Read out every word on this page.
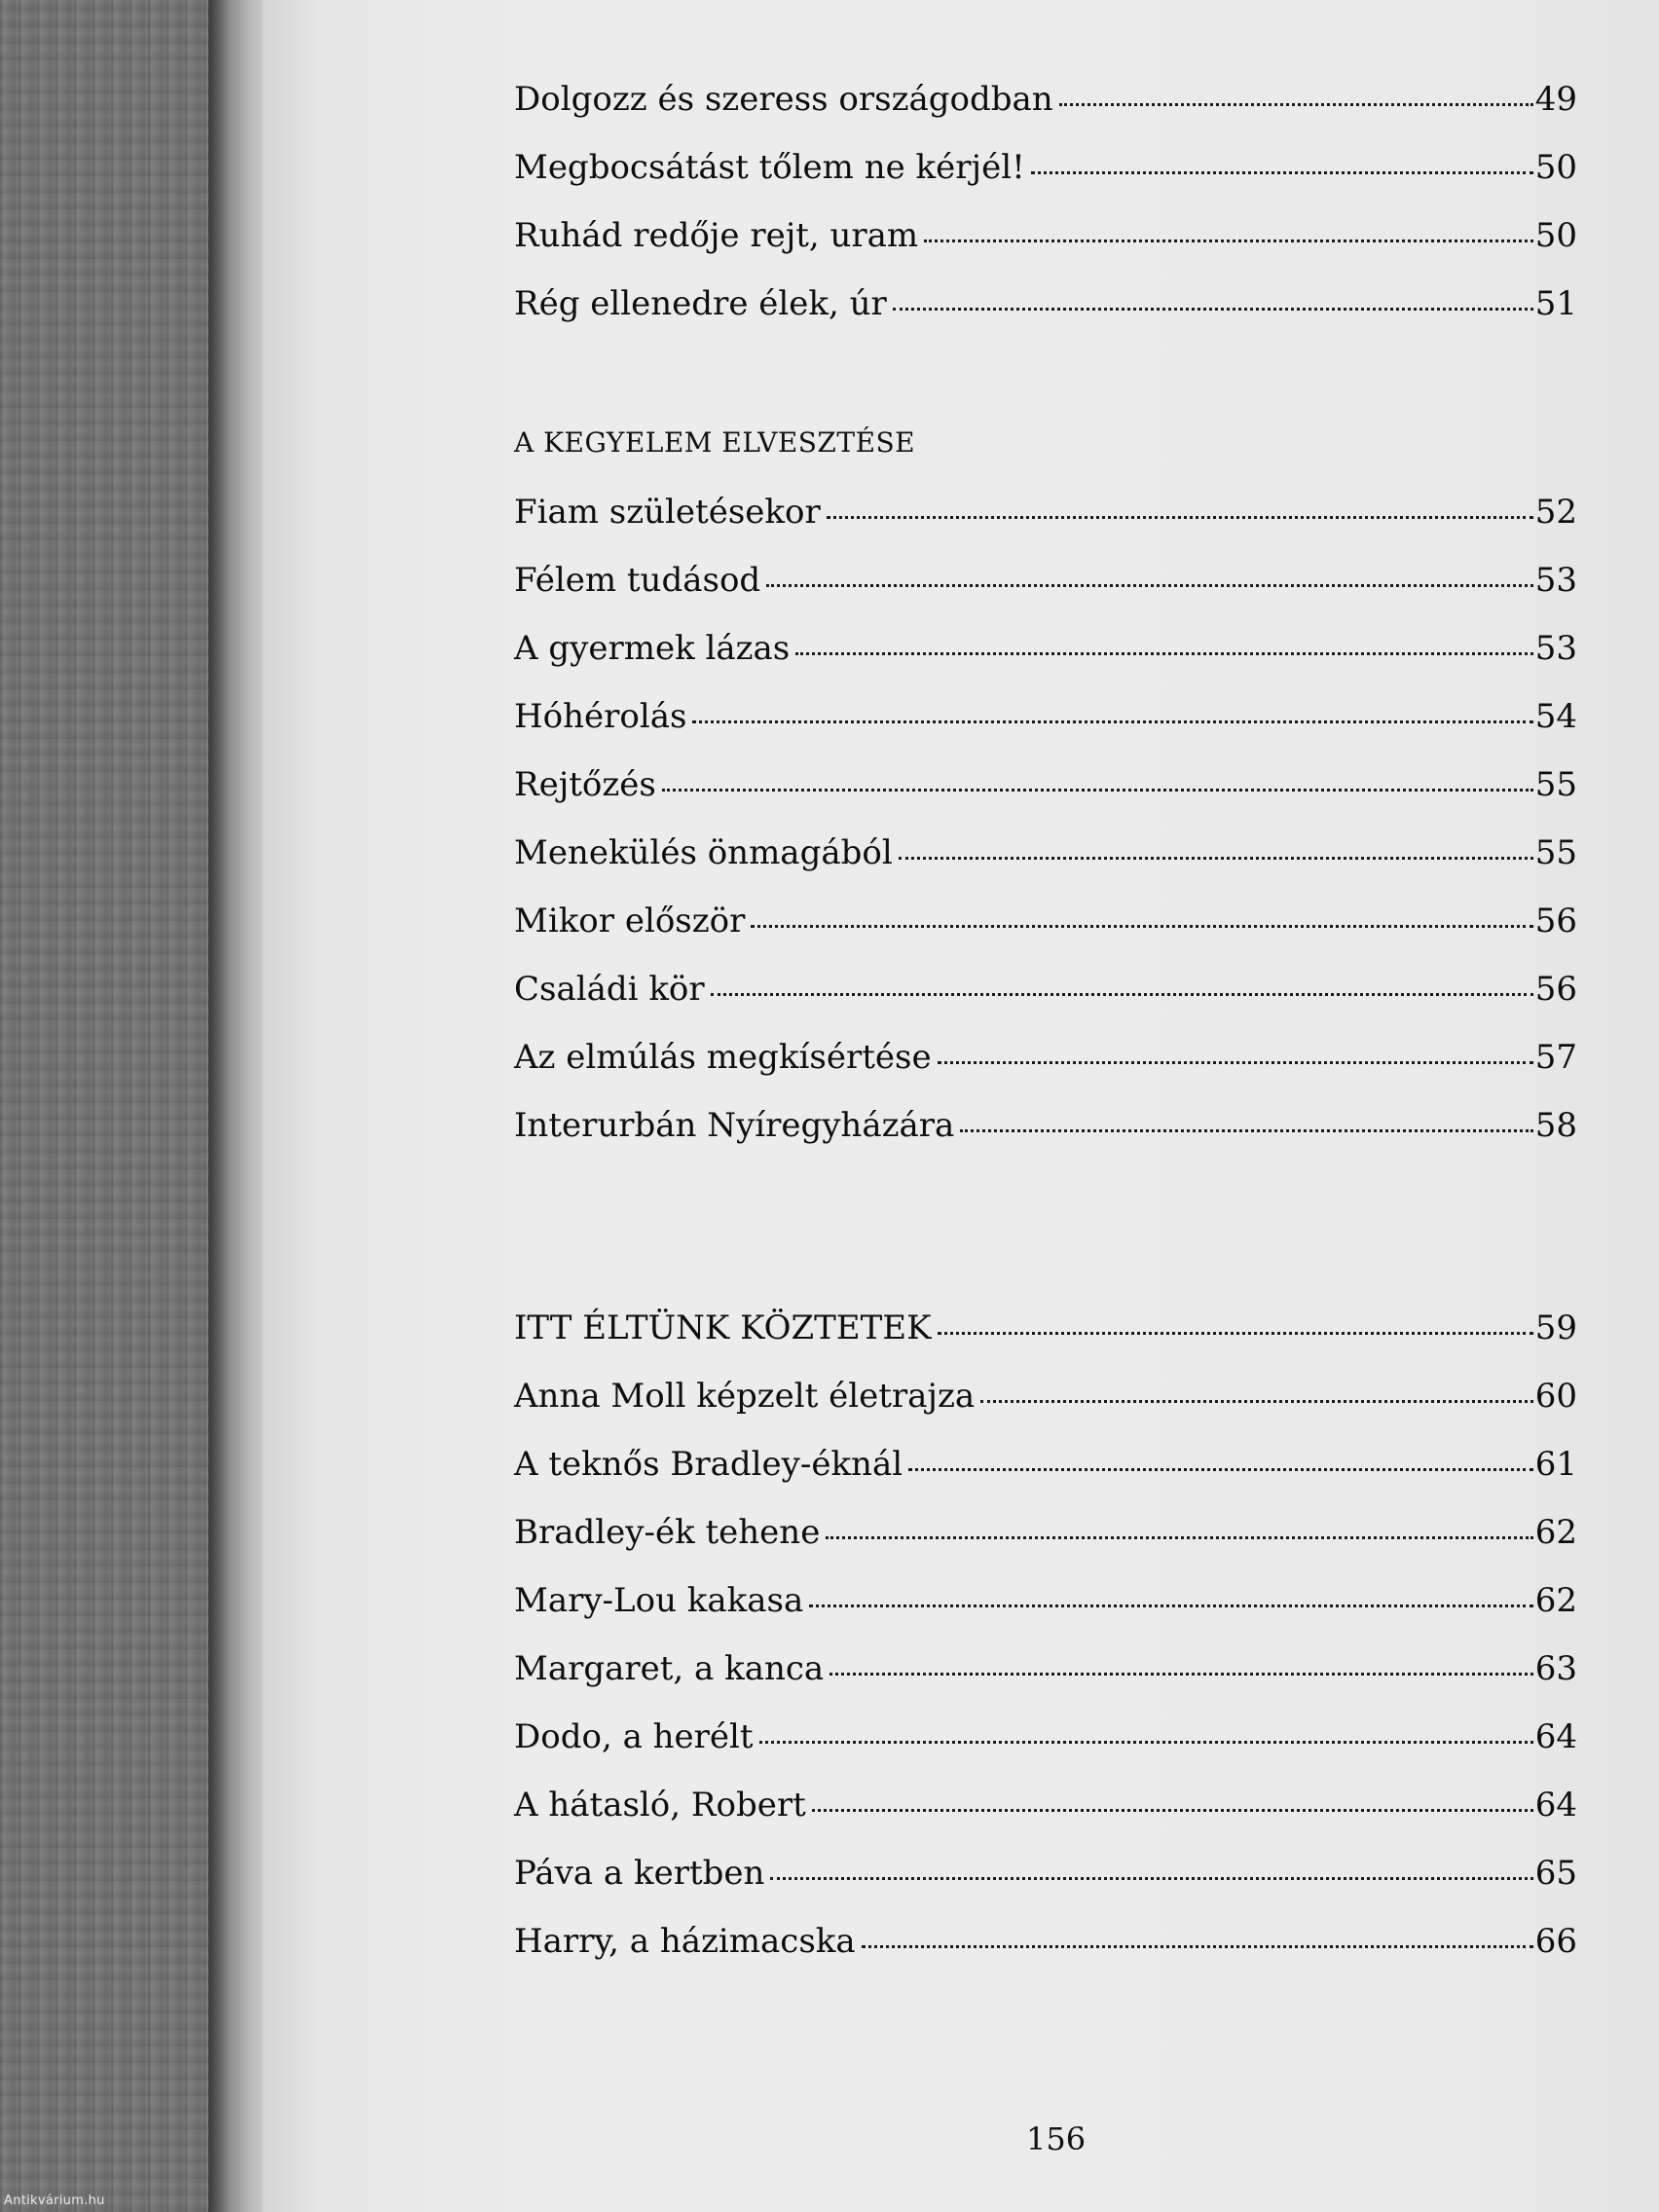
Dolgozz és szeress országodban	49
Megbocsátást tőlem ne kérjél!	50
Ruhád redője rejt, uram	50
Rég ellenedre élek, úr	51
A KEGYELEM ELVESZTÉSE
Fiam születésekor	52
Félem tudásod	53
A gyermek lázas	53
Hóhérolás	54
Rejtőzés	55
Menekülés önmagából	55
Mikor először	56
Családi kör	56
Az elmúlás megkísértése	57
Interurbán Nyíregyházára	58
ITT ÉLTÜNK KÖZTETEK	59
Anna Moll képzelt életrajza	60
A teknős Bradley-éknál	61
Bradley-ék tehene	62
Mary-Lou kakasa	62
Margaret, a kanca	63
Dodo, a herélt	64
A hátasló, Robert	64
Páva a kertben	65
Harry, a házimacska	66
156
Antikvárium.hu
